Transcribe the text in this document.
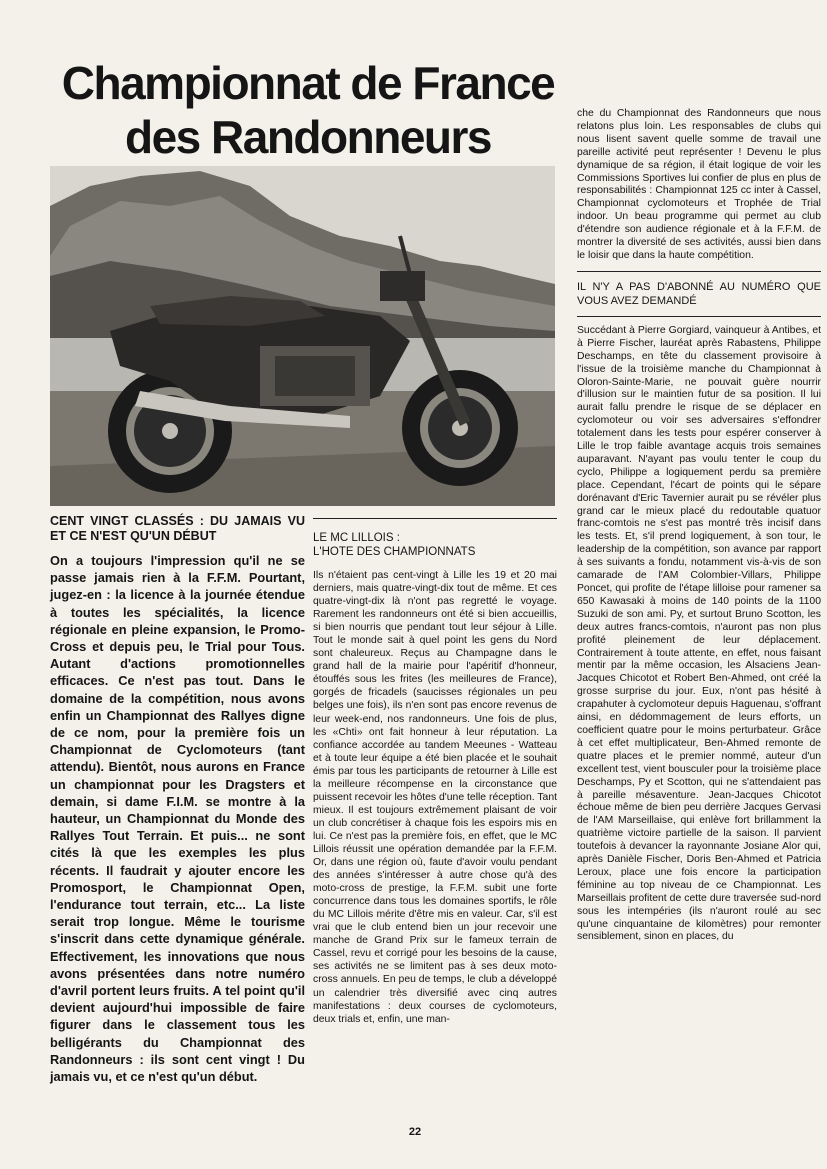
Championnat de France
des Randonneurs

CENT VINGT CLASSÉS : DU JAMAIS VU ET CE N'EST QU'UN DÉBUT

On a toujours l'impression qu'il ne se passe jamais rien à la F.F.M. Pourtant, jugez-en : la licence à la journée étendue à toutes les spécialités, la licence régionale en pleine expansion, le Promo-Cross et depuis peu, le Trial pour Tous. Autant d'actions promotionnelles efficaces. Ce n'est pas tout. Dans le domaine de la compétition, nous avons enfin un Championnat des Rallyes digne de ce nom, pour la première fois un Championnat de Cyclomoteurs (tant attendu). Bientôt, nous aurons en France un championnat pour les Dragsters et demain, si dame F.I.M. se montre à la hauteur, un Championnat du Monde des Rallyes Tout Terrain. Et puis... ne sont cités là que les exemples les plus récents. Il faudrait y ajouter encore les Promosport, le Championnat Open, l'endurance tout terrain, etc... La liste serait trop longue. Même le tourisme s'inscrit dans cette dynamique générale. Effectivement, les innovations que nous avons présentées dans notre numéro d'avril portent leurs fruits. A tel point qu'il devient aujourd'hui impossible de faire figurer dans le classement tous les belligérants du Championnat des Randonneurs : ils sont cent vingt ! Du jamais vu, et ce n'est qu'un début.

LE MC LILLOIS :
L'HOTE DES CHAMPIONNATS

Ils n'étaient pas cent-vingt à Lille les 19 et 20 mai derniers, mais quatre-vingt-dix tout de même. Et ces quatre-vingt-dix là n'ont pas regretté le voyage. Rarement les randonneurs ont été si bien accueillis, si bien nourris que pendant tout leur séjour à Lille. Tout le monde sait à quel point les gens du Nord sont chaleureux. Reçus au Champagne dans le grand hall de la mairie pour l'apéritif d'honneur, étouffés sous les frites (les meilleures de France), gorgés de fricadels (saucisses régionales un peu belges une fois), ils n'en sont pas encore revenus de leur week-end, nos randonneurs. Une fois de plus, les «Chti» ont fait honneur à leur réputation. La confiance accordée au tandem Meeunes - Watteau et à toute leur équipe a été bien placée et le souhait émis par tous les participants de retourner à Lille est la meilleure récompense en la circonstance que puissent recevoir les hôtes d'une telle réception. Tant mieux. Il est toujours extrêmement plaisant de voir un club concrétiser à chaque fois les espoirs mis en lui. Ce n'est pas la première fois, en effet, que le MC Lillois réussit une opération demandée par la F.F.M. Or, dans une région où, faute d'avoir voulu pendant des années s'intéresser à autre chose qu'à des moto-cross de prestige, la F.F.M. subit une forte concurrence dans tous les domaines sportifs, le rôle du MC Lillois mérite d'être mis en valeur. Car, s'il est vrai que le club entend bien un jour recevoir une manche de Grand Prix sur le fameux terrain de Cassel, revu et corrigé pour les besoins de la cause, ses activités ne se limitent pas à ses deux moto-cross annuels. En peu de temps, le club a développé un calendrier très diversifié avec cinq autres manifestations : deux courses de cyclomoteurs, deux trials et, enfin, une man-

che du Championnat des Randonneurs que nous relatons plus loin. Les responsables de clubs qui nous lisent savent quelle somme de travail une pareille activité peut représenter ! Devenu le plus dynamique de sa région, il était logique de voir les Commissions Sportives lui confier de plus en plus de responsabilités : Championnat 125 cc inter à Cassel, Championnat cyclomoteurs et Trophée de Trial indoor. Un beau programme qui permet au club d'étendre son audience régionale et à la F.F.M. de montrer la diversité de ses activités, aussi bien dans le loisir que dans la haute compétition.

IL N'Y A PAS D'ABONNÉ AU NUMÉRO QUE VOUS AVEZ DEMANDÉ

Succédant à Pierre Gorgiard, vainqueur à Antibes, et à Pierre Fischer, lauréat après Rabastens, Philippe Deschamps, en tête du classement provisoire à l'issue de la troisième manche du Championnat à Oloron-Sainte-Marie, ne pouvait guère nourrir d'illusion sur le maintien futur de sa position. Il lui aurait fallu prendre le risque de se déplacer en cyclomoteur ou voir ses adversaires s'effondrer totalement dans les tests pour espérer conserver à Lille le trop faible avantage acquis trois semaines auparavant. N'ayant pas voulu tenter le coup du cyclo, Philippe a logiquement perdu sa première place. Cependant, l'écart de points qui le sépare dorénavant d'Eric Tavernier aurait pu se révéler plus grand car le mieux placé du redoutable quatuor franc-comtois ne s'est pas montré très incisif dans les tests. Et, s'il prend logiquement, à son tour, le leadership de la compétition, son avance par rapport à ses suivants a fondu, notamment vis-à-vis de son camarade de l'AM Colombier-Villars, Philippe Poncet, qui profite de l'étape lilloise pour ramener sa 650 Kawasaki à moins de 140 points de la 1100 Suzuki de son ami. Py, et surtout Bruno Scotton, les deux autres francs-comtois, n'auront pas non plus profité pleinement de leur déplacement. Contrairement à toute attente, en effet, nous faisant mentir par la même occasion, les Alsaciens Jean-Jacques Chicotot et Robert Ben-Ahmed, ont créé la grosse surprise du jour. Eux, n'ont pas hésité à crapahuter à cyclomoteur depuis Haguenau, s'offrant ainsi, en dédommagement de leurs efforts, un coefficient quatre pour le moins perturbateur. Grâce à cet effet multiplicateur, Ben-Ahmed remonte de quatre places et le premier nommé, auteur d'un excellent test, vient bousculer pour la troisième place Deschamps, Py et Scotton, qui ne s'attendaient pas à pareille mésaventure. Jean-Jacques Chicotot échoue même de bien peu derrière Jacques Gervasi de l'AM Marseillaise, qui enlève fort brillamment la quatrième victoire partielle de la saison. Il parvient toutefois à devancer la rayonnante Josiane Alor qui, après Danièle Fischer, Doris Ben-Ahmed et Patricia Leroux, place une fois encore la participation féminine au top niveau de ce Championnat. Les Marseillais profitent de cette dure traversée sud-nord sous les intempéries (ils n'auront roulé au sec qu'une cinquantaine de kilomètres) pour remonter sensiblement, sinon en places, du

22
